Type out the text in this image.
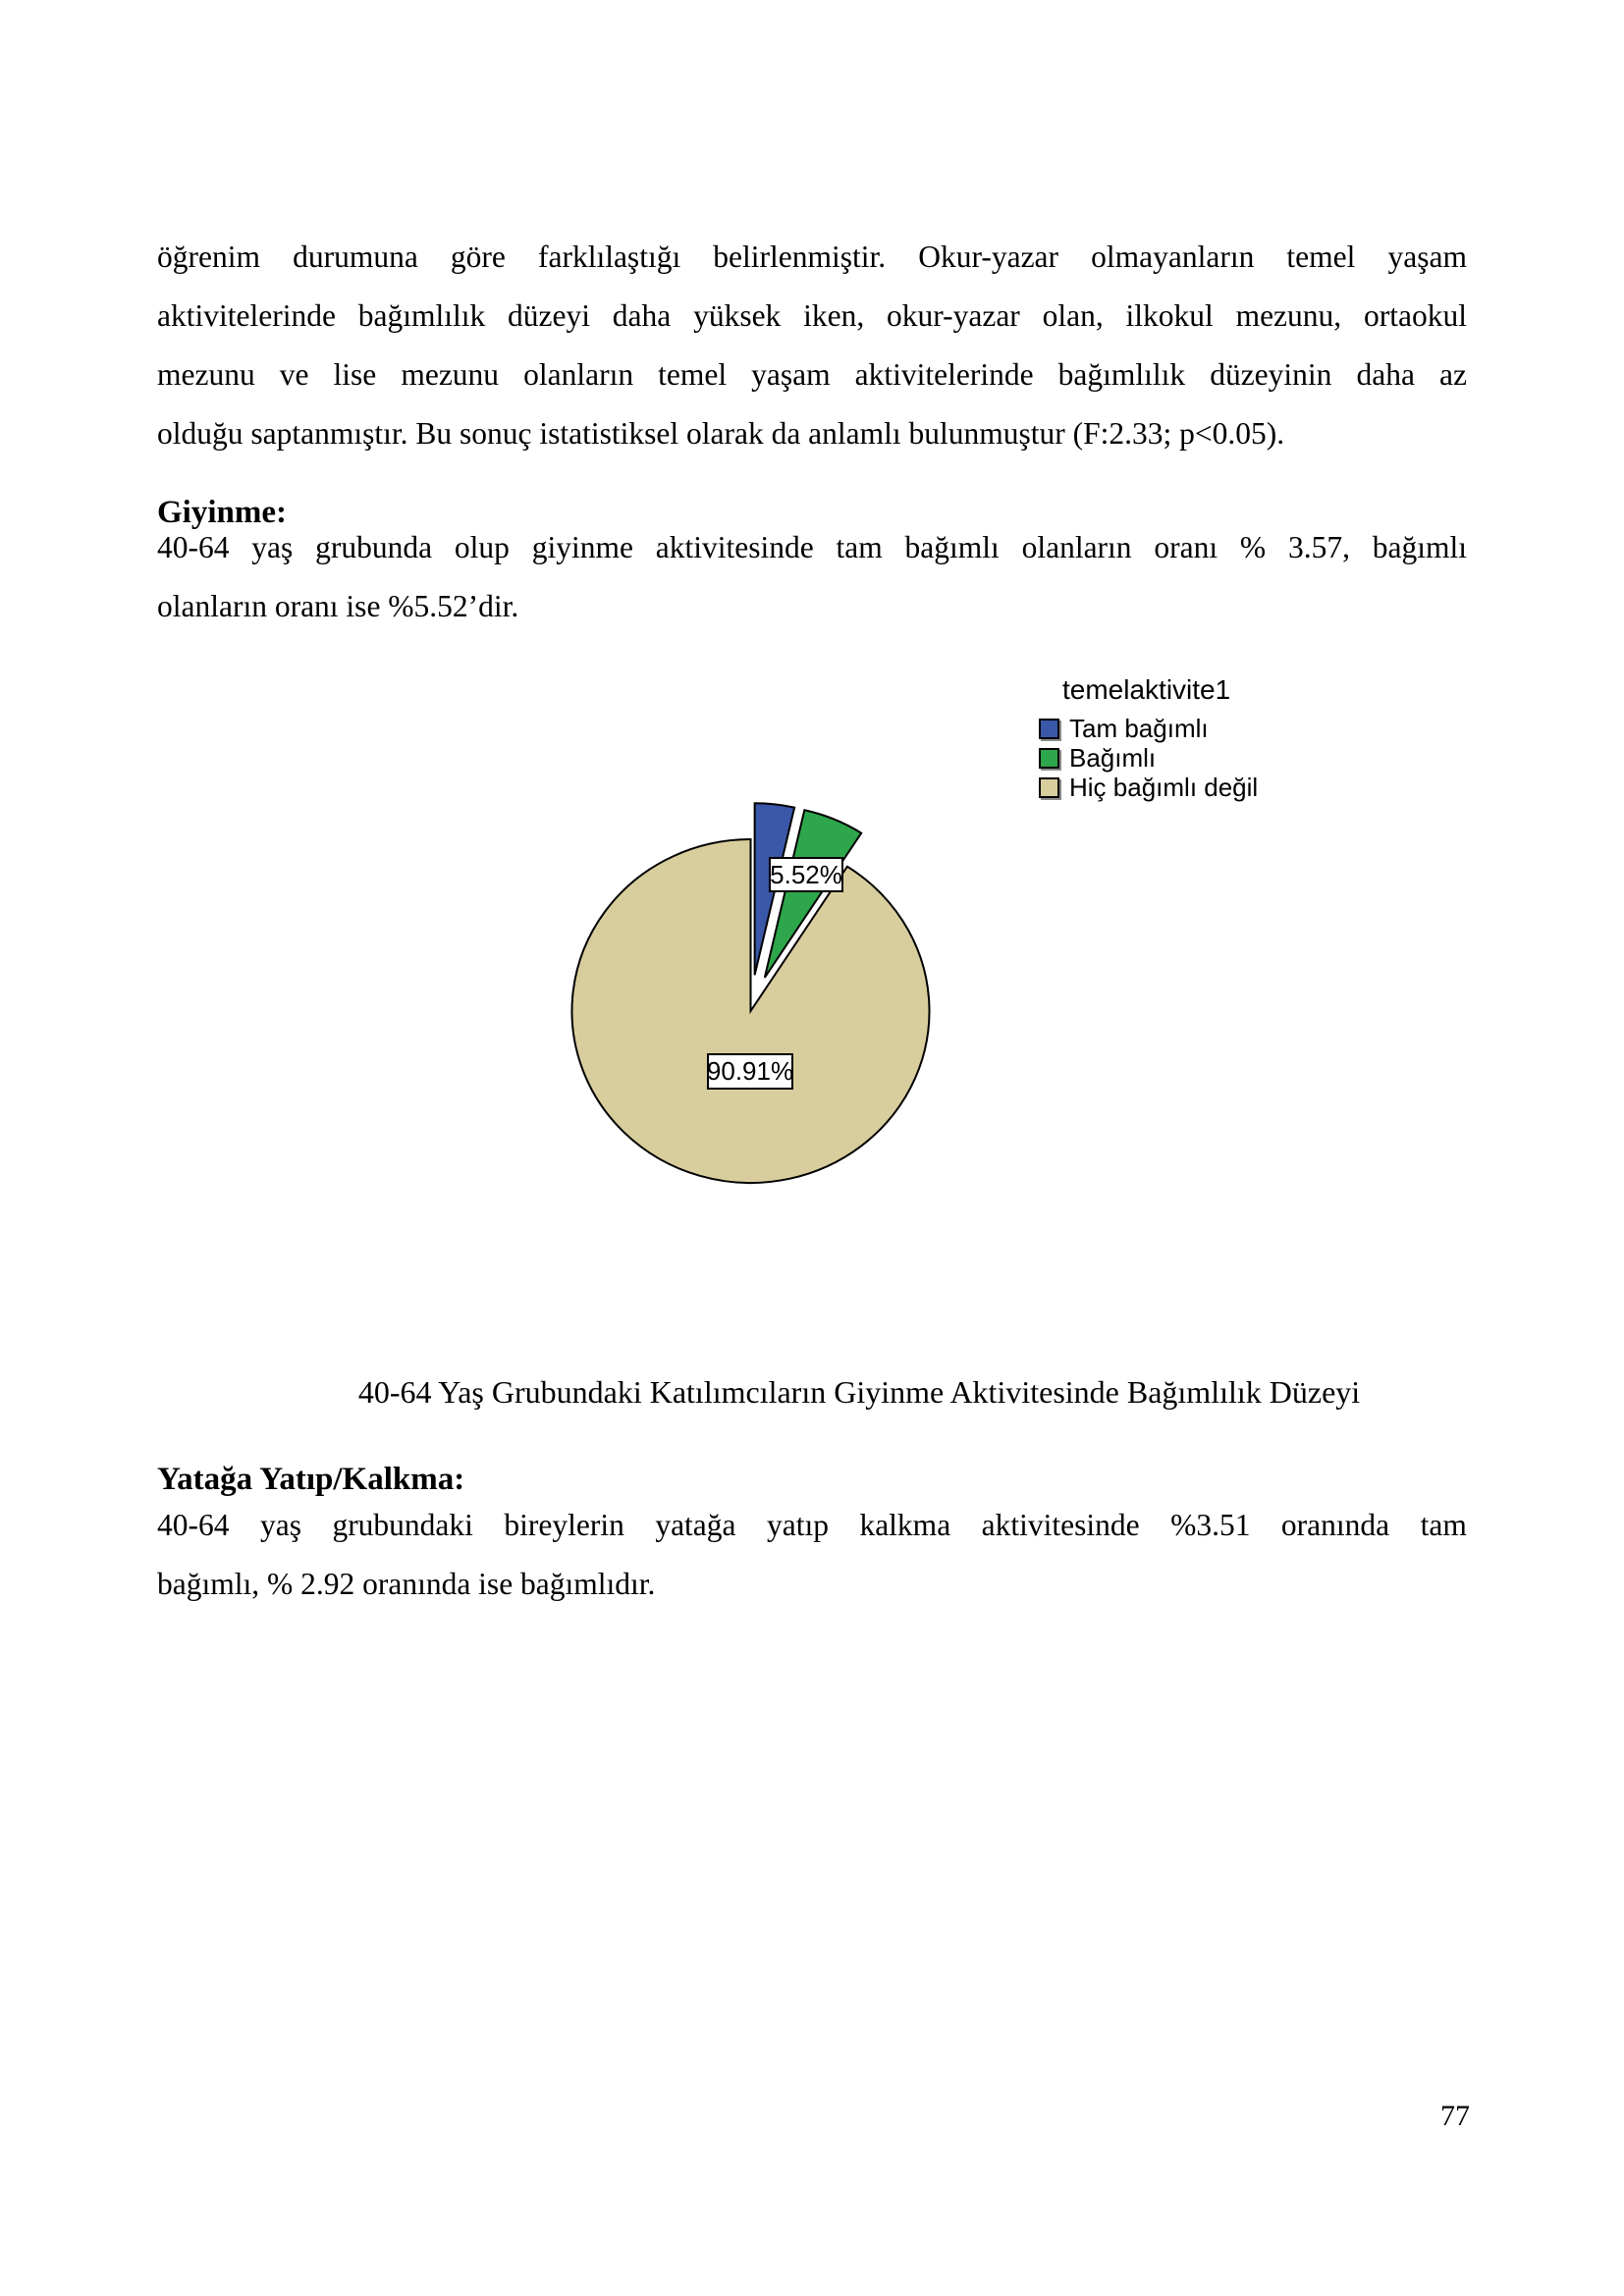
öğrenim durumuna göre farklılaştığı belirlenmiştir. Okur-yazar olmayanların temel yaşam
aktivitelerinde bağımlılık düzeyi daha yüksek iken, okur-yazar olan, ilkokul mezunu, ortaokul
mezunu ve lise mezunu olanların temel yaşam aktivitelerinde bağımlılık düzeyinin daha az
olduğu saptanmıştır. Bu sonuç istatistiksel olarak da anlamlı bulunmuştur (F:2.33; p<0.05).
Giyinme:
40-64 yaş grubunda olup giyinme aktivitesinde tam bağımlı olanların oranı % 3.57, bağımlı
olanların oranı ise %5.52’dir.
temelaktivite1
Tam bağımlı
Bağımlı
Hiç bağımlı değil
5.52%
90.91%
40-64 Yaş Grubundaki Katılımcıların Giyinme Aktivitesinde Bağımlılık Düzeyi
Yatağa Yatıp/Kalkma:
40-64 yaş grubundaki bireylerin yatağa yatıp kalkma aktivitesinde %3.51 oranında tam
bağımlı, % 2.92 oranında ise bağımlıdır.
77
